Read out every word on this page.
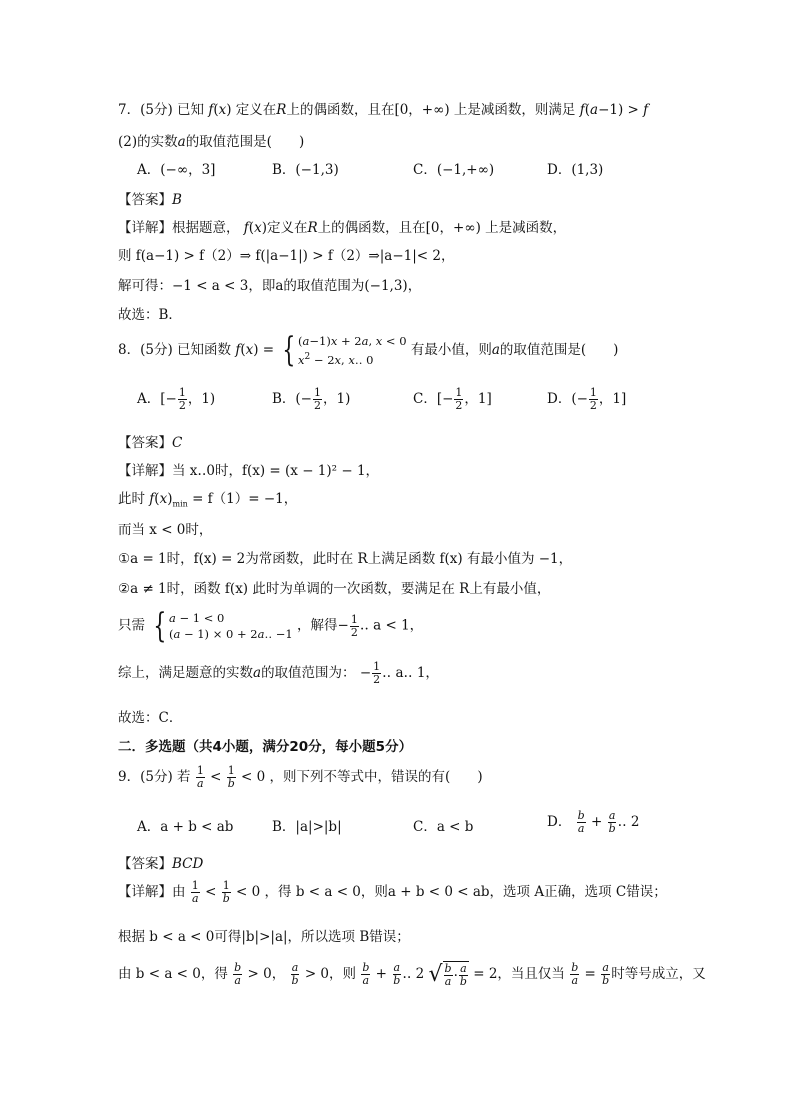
7．(5分) 已知 f(x) 定义在R上的偶函数，且在[0，+∞) 上是减函数，则满足 f(a−1) > f
(2)的实数a的取值范围是(　　)
A．(−∞，3]	B．(−1,3)	C．(−1,+∞)	D．(1,3)
【答案】B
【详解】根据题意， f(x)定义在R上的偶函数，且在[0，+∞) 上是减函数，
则 f(a−1) > f（2）⇒ f(|a−1|) > f（2）⇒|a−1|< 2，
解可得：−1 < a < 3，即a的取值范围为(−1,3)，
故选：B．
8．(5分) 已知函数 f(x) = { (a−1)x + 2a, x < 0
$x^2 - 2x$, x‥ 0
有最小值，则a的取值范围是(　　)
A．[− $\frac{1}{2}$ ，1)	B．(− $\frac{1}{2}$ ，1)	C．[− $\frac{1}{2}$ ，1]	D．(− $\frac{1}{2}$ ，1]
【答案】C
【详解】当 x‥0时，f(x) = (x − 1)² − 1，
此时 $f(x)_{min} = f(1)= -1$，
而当 x < 0时，
①a = 1时，f(x) = 2为常函数，此时在 R上满足函数 f(x) 有最小值为 −1，
②a ≠ 1时，函数 f(x) 此时为单调的一次函数，要满足在 R上有最小值，
只需 { a − 1 < 0
(a − 1) × 0 + 2a‥ −1
，解得− $\frac{1}{2}$ ‥ a < 1，
综上，满足题意的实数a的取值范围为： − $\frac{1}{2}$ ‥ a‥ 1，
故选：C．
二．多选题（共4小题，满分20分，每小题5分）
9．(5分) 若 $\frac{1}{a} < \frac{1}{b} < 0$ ，则下列不等式中，错误的有(　　)
A．a + b < ab	B．|a|>|b|	C．a < b	D． $\frac{b}{a} + \frac{a}{b}$ ‥ 2
【答案】BCD
【详解】由 $\frac{1}{a} < \frac{1}{b} < 0$ ，得 b < a < 0，则a + b < 0 < ab，选项 A正确，选项 C错误；
根据 b < a < 0可得|b|>|a|，所以选项 B错误；
由 b < a < 0，得 $\frac{b}{a} > 0$， $\frac{a}{b} > 0$，则 $\frac{b}{a} + \frac{a}{b}$ ‥ 2 √ $\frac{b}{a} \cdot \frac{a}{b} = 2$，当且仅当 $\frac{b}{a} = \frac{a}{b}$ 时等号成立，又
